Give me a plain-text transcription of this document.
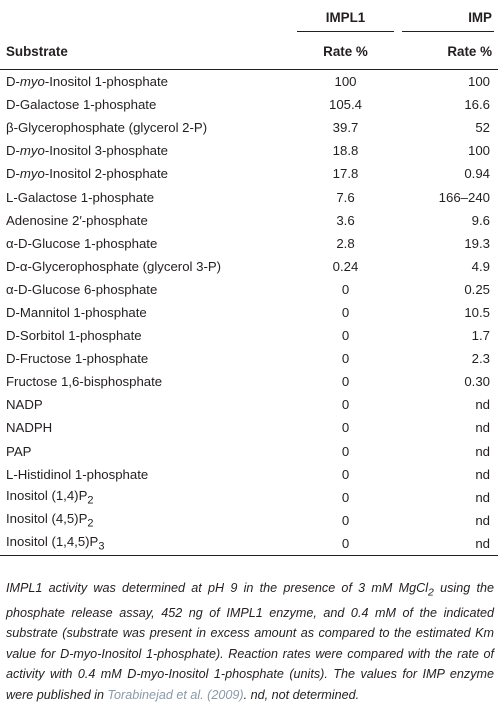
	IMPL1	IMP

Substrate	Rate %	Rate %
D-myo-Inositol 1-phosphate	100	100
D-Galactose 1-phosphate	105.4	16.6
β-Glycerophosphate (glycerol 2-P)	39.7	52
D-myo-Inositol 3-phosphate	18.8	100
D-myo-Inositol 2-phosphate	17.8	0.94
L-Galactose 1-phosphate	7.6	166–240
Adenosine 2′-phosphate	3.6	9.6
α-D-Glucose 1-phosphate	2.8	19.3
D-α-Glycerophosphate (glycerol 3-P)	0.24	4.9
α-D-Glucose 6-phosphate	0	0.25
D-Mannitol 1-phosphate	0	10.5
D-Sorbitol 1-phosphate	0	1.7
D-Fructose 1-phosphate	0	2.3
Fructose 1,6-bisphosphate	0	0.30
NADP	0	nd
NADPH	0	nd
PAP	0	nd
L-Histidinol 1-phosphate	0	nd
Inositol $(1,4)P_2$	0	nd
Inositol $(4,5)P_2$	0	nd
Inositol $(1,4,5)P_3$	0	nd
IMPL1 activity was determined at pH 9 in the presence of 3 mM MgCl$_2$ using the phosphate release assay, 452 ng of IMPL1 enzyme, and 0.4 mM of the indicated substrate (substrate was present in excess amount as compared to the estimated Km value for D-myo-Inositol 1-phosphate). Reaction rates were compared with the rate of activity with 0.4 mM D-myo-Inositol 1-phosphate (units). The values for IMP enzyme were published in Torabinejad et al. (2009). nd, not determined.
